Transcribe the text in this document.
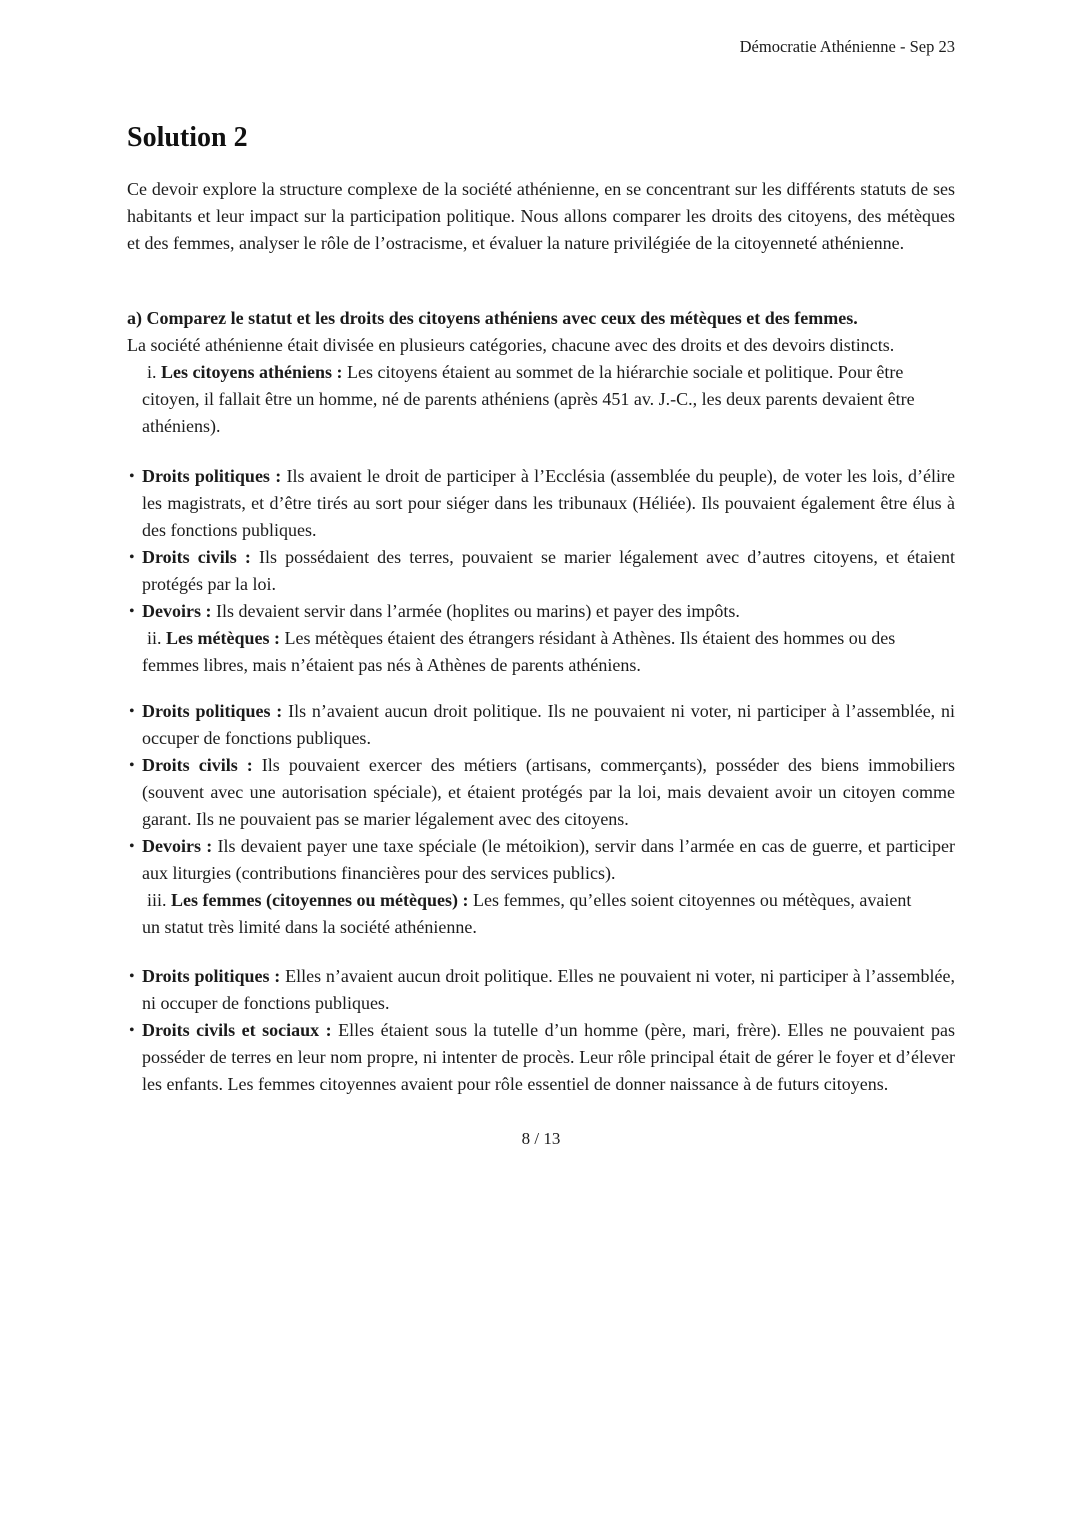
Démocratie Athénienne - Sep 23
Solution 2

Ce devoir explore la structure complexe de la société athénienne, en se concentrant sur les différents statuts de ses habitants et leur impact sur la participation politique. Nous allons comparer les droits des citoyens, des métèques et des femmes, analyser le rôle de l’ostracisme, et évaluer la nature privilégiée de la citoyenneté athénienne.

a) Comparez le statut et les droits des citoyens athéniens avec ceux des métèques et des femmes.

La société athénienne était divisée en plusieurs catégories, chacune avec des droits et des devoirs distincts.

i. Les citoyens athéniens : Les citoyens étaient au sommet de la hiérarchie sociale et politique. Pour être citoyen, il fallait être un homme, né de parents athéniens (après 451 av. J.-C., les deux parents devaient être athéniens).

• Droits politiques : Ils avaient le droit de participer à l’Ecclésia (assemblée du peuple), de voter les lois, d’élire les magistrats, et d’être tirés au sort pour siéger dans les tribunaux (Héliée). Ils pouvaient également être élus à des fonctions publiques.
• Droits civils : Ils possédaient des terres, pouvaient se marier légalement avec d’autres citoyens, et étaient protégés par la loi.
• Devoirs : Ils devaient servir dans l’armée (hoplites ou marins) et payer des impôts.

ii. Les métèques : Les métèques étaient des étrangers résidant à Athènes. Ils étaient des hommes ou des femmes libres, mais n’étaient pas nés à Athènes de parents athéniens.

• Droits politiques : Ils n’avaient aucun droit politique. Ils ne pouvaient ni voter, ni participer à l’assemblée, ni occuper de fonctions publiques.
• Droits civils : Ils pouvaient exercer des métiers (artisans, commerçants), posséder des biens immobiliers (souvent avec une autorisation spéciale), et étaient protégés par la loi, mais devaient avoir un citoyen comme garant. Ils ne pouvaient pas se marier légalement avec des citoyens.
• Devoirs : Ils devaient payer une taxe spéciale (le métoikion), servir dans l’armée en cas de guerre, et participer aux liturgies (contributions financières pour des services publics).

iii. Les femmes (citoyennes ou métèques) : Les femmes, qu’elles soient citoyennes ou métèques, avaient un statut très limité dans la société athénienne.

• Droits politiques : Elles n’avaient aucun droit politique. Elles ne pouvaient ni voter, ni participer à l’assemblée, ni occuper de fonctions publiques.
• Droits civils et sociaux : Elles étaient sous la tutelle d’un homme (père, mari, frère). Elles ne pouvaient pas posséder de terres en leur nom propre, ni intenter de procès. Leur rôle principal était de gérer le foyer et d’élever les enfants. Les femmes citoyennes avaient pour rôle essentiel de donner naissance à de futurs citoyens.
8 / 13
